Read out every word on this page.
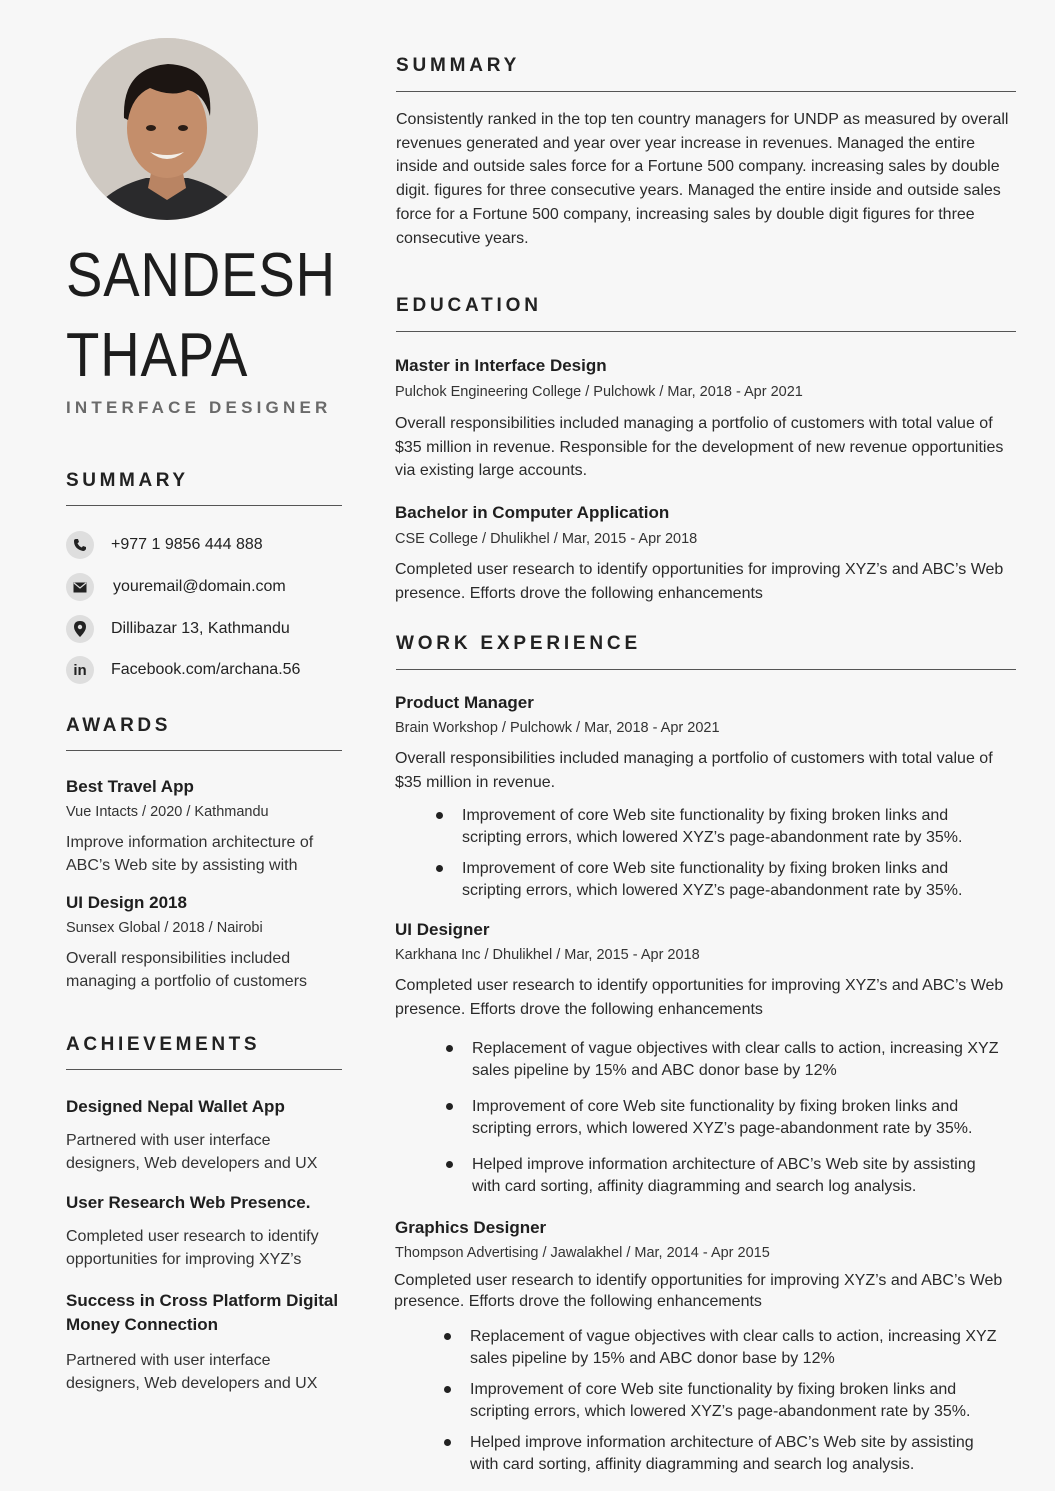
SANDESH
THAPA
INTERFACE DESIGNER
SUMMARY
+977 1 9856 444 888
youremail@domain.com
Dillibazar 13, Kathmandu
in Facebook.com/archana.56
AWARDS
Best Travel App
Vue Intacts / 2020 / Kathmandu
Improve information architecture of ABC’s Web site by assisting with
UI Design 2018
Sunsex Global / 2018 / Nairobi
Overall responsibilities included managing a portfolio of customers
ACHIEVEMENTS
Designed Nepal Wallet App
Partnered with user interface designers, Web developers and UX
User Research Web Presence.
Completed user research to identify opportunities for improving XYZ’s
Success in Cross Platform Digital Money Connection
Partnered with user interface designers, Web developers and UX
SUMMARY
Consistently ranked in the top ten country managers for UNDP as measured by overall revenues generated and year over year increase in revenues. Managed the entire inside and outside sales force for a Fortune 500 company. increasing sales by double digit. figures for three consecutive years. Managed the entire inside and outside sales force for a Fortune 500 company, increasing sales by double digit figures for three consecutive years.
EDUCATION
Master in Interface Design
Pulchok Engineering College / Pulchowk / Mar, 2018 - Apr 2021
Overall responsibilities included managing a portfolio of customers with total value of $35 million in revenue. Responsible for the development of new revenue opportunities via existing large accounts.
Bachelor in Computer Application
CSE College / Dhulikhel / Mar, 2015 - Apr 2018
Completed user research to identify opportunities for improving XYZ’s and ABC’s Web presence. Efforts drove the following enhancements
WORK EXPERIENCE
Product Manager
Brain Workshop / Pulchowk / Mar, 2018 - Apr 2021
Overall responsibilities included managing a portfolio of customers with total value of $35 million in revenue.
Improvement of core Web site functionality by fixing broken links and scripting errors, which lowered XYZ’s page-abandonment rate by 35%.
Improvement of core Web site functionality by fixing broken links and scripting errors, which lowered XYZ’s page-abandonment rate by 35%.
UI Designer
Karkhana Inc / Dhulikhel / Mar, 2015 - Apr 2018
Completed user research to identify opportunities for improving XYZ’s and ABC’s Web presence. Efforts drove the following enhancements
Replacement of vague objectives with clear calls to action, increasing XYZ sales pipeline by 15% and ABC donor base by 12%
Improvement of core Web site functionality by fixing broken links and scripting errors, which lowered XYZ’s page-abandonment rate by 35%.
Helped improve information architecture of ABC’s Web site by assisting with card sorting, affinity diagramming and search log analysis.
Graphics Designer
Thompson Advertising / Jawalakhel / Mar, 2014 - Apr 2015
Completed user research to identify opportunities for improving XYZ’s and ABC’s Web presence. Efforts drove the following enhancements
Replacement of vague objectives with clear calls to action, increasing XYZ sales pipeline by 15% and ABC donor base by 12%
Improvement of core Web site functionality by fixing broken links and scripting errors, which lowered XYZ’s page-abandonment rate by 35%.
Helped improve information architecture of ABC’s Web site by assisting with card sorting, affinity diagramming and search log analysis.
